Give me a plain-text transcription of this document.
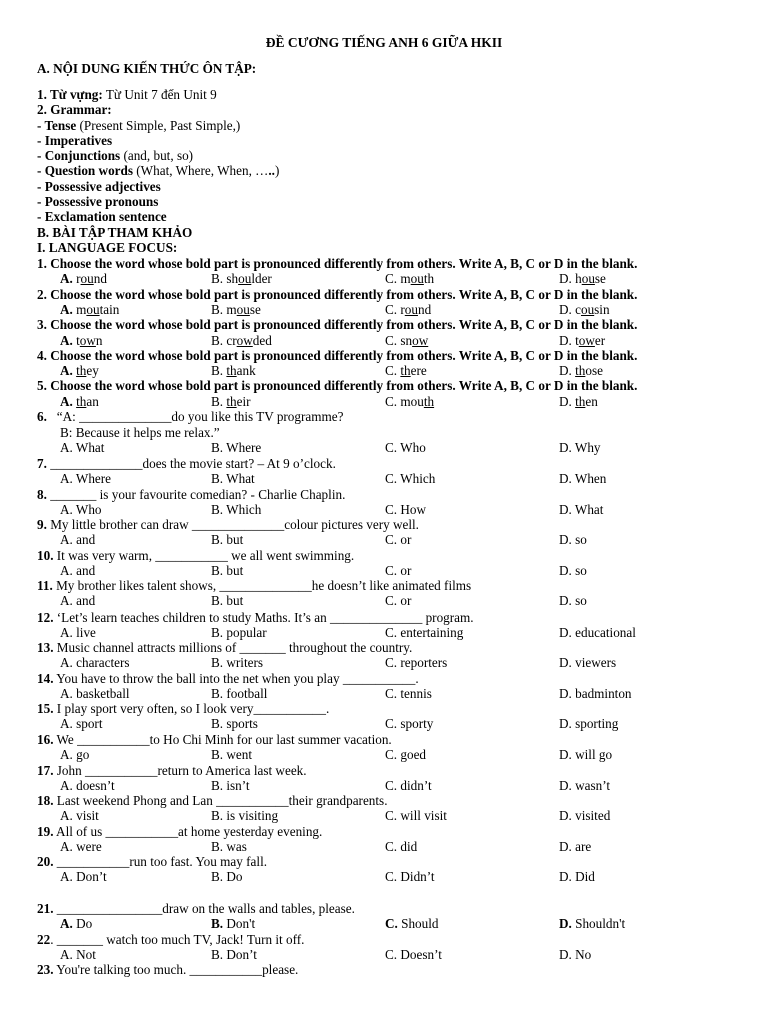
ĐỀ CƯƠNG TIẾNG ANH 6 GIỮA HKII
A. NỘI DUNG KIẾN THỨC ÔN TẬP:
1. Từ vựng: Từ Unit 7 đến Unit 9
2. Grammar:
- Tense (Present Simple, Past Simple,)
- Imperatives
- Conjunctions (and, but, so)
- Question words (What, Where, When, …..)
- Possessive adjectives
- Possessive pronouns
- Exclamation sentence
B. BÀI TẬP THAM KHẢO
I. LANGUAGE FOCUS:
6. “A: ______________do you like this TV programme?
B: Because it helps me relax.”
A. What	B. Where	C. Who	D. Why
1. Choose the word whose bold part is pronounced differently from others. Write A, B, C or D in the blank.
A. round	B. shoulder	C. mouth	D. house
2. Choose the word whose bold part is pronounced differently from others. Write A, B, C or D in the blank.
A. moutain	B. mouse	C. round	D. cousin
3. Choose the word whose bold part is pronounced differently from others. Write A, B, C or D in the blank.
A. town	B. crowded	C. snow	D. tower
4. Choose the word whose bold part is pronounced differently from others. Write A, B, C or D in the blank.
A. they	B. thank	C. there	D. those
5. Choose the word whose bold part is pronounced differently from others. Write A, B, C or D in the blank.
A. than	B. their	C. mouth	D. then
7. ______________does the movie start? – At 9 o’clock.
A. Where	B. What	C. Which	D. When
8. _______ is your favourite comedian? - Charlie Chaplin.
A. Who	B. Which	C. How	D. What
9. My little brother can draw ______________colour pictures very well.
A. and	B. but	C. or	D. so
10. It was very warm, ___________ we all went swimming.
A. and	B. but	C. or	D. so
11. My brother likes talent shows, ______________he doesn’t like animated films
A. and	B. but	C. or	D. so
12. ‘Let’s learn teaches children to study Maths. It’s an ______________ program.
A. live	B. popular	C. entertaining	D. educational
13. Music channel attracts millions of _______ throughout the country.
A. characters	B. writers	C. reporters	D. viewers
14. You have to throw the ball into the net when you play ___________.
A. basketball	B. football	C. tennis	D. badminton
15. I play sport very often, so I look very___________.
A. sport	B. sports	C. sporty	D. sporting
16. We ___________to Ho Chi Minh for our last summer vacation.
A. go	B. went	C. goed	D. will go
17. John ___________return to America last week.
A. doesn’t	B. isn’t	C. didn’t	D. wasn’t
18. Last weekend Phong and Lan ___________their grandparents.
A. visit	B. is visiting	C. will visit	D. visited
19. All of us ___________at home yesterday evening.
A. were	B. was	C. did	D. are
20. ___________run too fast. You may fall.
A. Don’t	B. Do	C. Didn’t	D. Did
21. ________________draw on the walls and tables, please.
A. Do	B. Don't	C. Should	D. Shouldn't
22. _______ watch too much TV, Jack! Turn it off.
A. Not	B. Don’t	C. Doesn’t	D. No
23. You're talking too much. ___________please.
